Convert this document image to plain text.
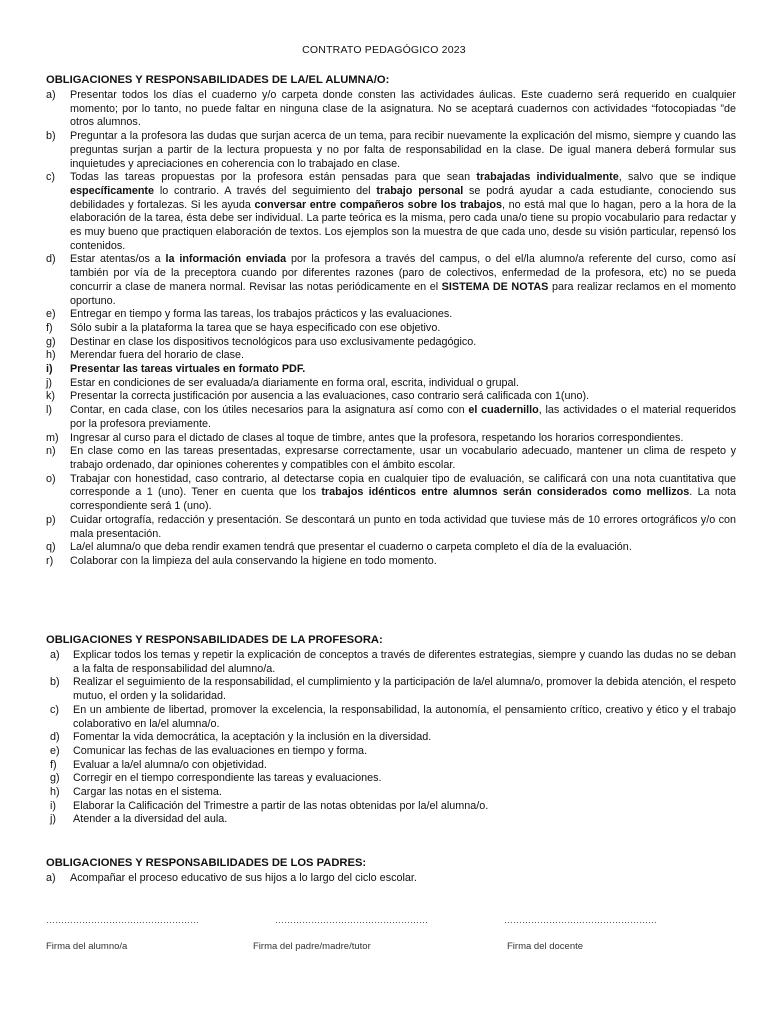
CONTRATO PEDAGÓGICO 2023
OBLIGACIONES Y RESPONSABILIDADES DE LA/EL ALUMNA/O:
a) Presentar todos los días el cuaderno y/o carpeta donde consten las actividades áulicas. Este cuaderno será requerido en cualquier momento; por lo tanto, no puede faltar en ninguna clase de la asignatura. No se aceptará cuadernos con actividades “fotocopiadas ”de otros alumnos.
b) Preguntar a la profesora las dudas que surjan acerca de un tema, para recibir nuevamente la explicación del mismo, siempre y cuando las preguntas surjan a partir de la lectura propuesta y no por falta de responsabilidad en la clase. De igual manera deberá formular sus inquietudes y apreciaciones en coherencia con lo trabajado en clase.
c) Todas las tareas propuestas por la profesora están pensadas para que sean trabajadas individualmente, salvo que se indique específicamente lo contrario. A través del seguimiento del trabajo personal se podrá ayudar a cada estudiante, conociendo sus debilidades y fortalezas. Si les ayuda conversar entre compañeros sobre los trabajos, no está mal que lo hagan, pero a la hora de la elaboración de la tarea, ésta debe ser individual. La parte teórica es la misma, pero cada una/o tiene su propio vocabulario para redactar y es muy bueno que practiquen elaboración de textos. Los ejemplos son la muestra de que cada uno, desde su visión particular, repensó los contenidos.
d) Estar atentas/os a la información enviada por la profesora a través del campus, o del el/la alumno/a referente del curso, como así también por vía de la preceptora cuando por diferentes razones (paro de colectivos, enfermedad de la profesora, etc) no se pueda concurrir a clase de manera normal. Revisar las notas periódicamente en el SISTEMA DE NOTAS para realizar reclamos en el momento oportuno.
e) Entregar en tiempo y forma las tareas, los trabajos prácticos y las evaluaciones.
f) Sólo subir a la plataforma la tarea que se haya especificado con ese objetivo.
g) Destinar en clase los dispositivos tecnológicos para uso exclusivamente pedagógico.
h) Merendar fuera del horario de clase.
i) Presentar las tareas virtuales en formato PDF.
j) Estar en condiciones de ser evaluada/a diariamente en forma oral, escrita, individual o grupal.
k) Presentar la correcta justificación por ausencia a las evaluaciones, caso contrario será calificada con 1(uno).
l) Contar, en cada clase, con los útiles necesarios para la asignatura así como con el cuadernillo, las actividades o el material requeridos por la profesora previamente.
m) Ingresar al curso para el dictado de clases al toque de timbre, antes que la profesora, respetando los horarios correspondientes.
n) En clase como en las tareas presentadas, expresarse correctamente, usar un vocabulario adecuado, mantener un clima de respeto y trabajo ordenado, dar opiniones coherentes y compatibles con el ámbito escolar.
o) Trabajar con honestidad, caso contrario, al detectarse copia en cualquier tipo de evaluación, se calificará con una nota cuantitativa que corresponde a 1 (uno). Tener en cuenta que los trabajos idénticos entre alumnos serán considerados como mellizos. La nota correspondiente será 1 (uno).
p) Cuidar ortografía, redacción y presentación. Se descontará un punto en toda actividad que tuviese más de 10 errores ortográficos y/o con mala presentación.
q) La/el alumna/o que deba rendir examen tendrá que presentar el cuaderno o carpeta completo el día de la evaluación.
r) Colaborar con la limpieza del aula conservando la higiene en todo momento.
OBLIGACIONES Y RESPONSABILIDADES DE LA PROFESORA:
a) Explicar todos los temas y repetir la explicación de conceptos a través de diferentes estrategias, siempre y cuando las dudas no se deban a la falta de responsabilidad del alumno/a.
b) Realizar el seguimiento de la responsabilidad, el cumplimiento y la participación de la/el alumna/o, promover la debida atención, el respeto mutuo, el orden y la solidaridad.
c) En un ambiente de libertad, promover la excelencia, la responsabilidad, la autonomía, el pensamiento crítico, creativo y ético y el trabajo colaborativo en la/el alumna/o.
d) Fomentar la vida democrática, la aceptación y la inclusión en la diversidad.
e) Comunicar las fechas de las evaluaciones en tiempo y forma.
f) Evaluar a la/el alumna/o con objetividad.
g) Corregir en el tiempo correspondiente las tareas y evaluaciones.
h) Cargar las notas en el sistema.
i) Elaborar la Calificación del Trimestre a partir de las notas obtenidas por la/el alumna/o.
j) Atender a la diversidad del aula.
OBLIGACIONES Y RESPONSABILIDADES DE LOS PADRES:
a) Acompañar el proceso educativo de sus hijos a lo largo del ciclo escolar.
……………………………………………
Firma del alumno/a
……………………………………………
Firma del padre/madre/tutor
……………………………………………
Firma del docente
